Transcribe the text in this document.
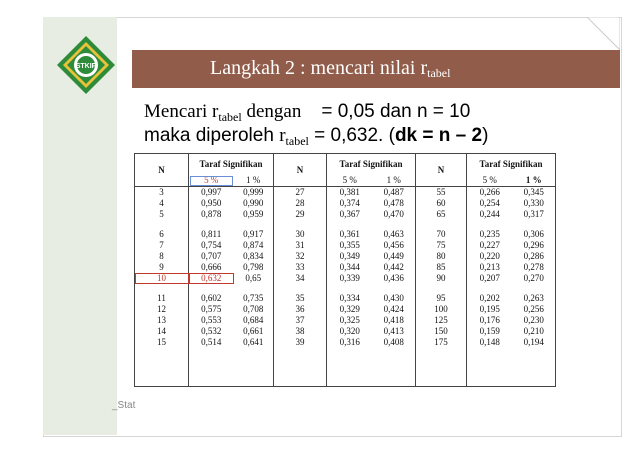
STKIP	Langkah 2 : mencari nilai $r_{tabel}$
Mencari $r_{tabel}$ dengan = 0,05 dan n = 10
maka diperoleh $r_{tabel} = 0,632$. (dk = n – 2)
N	Taraf Signifikan		N	Taraf Signifikan		N	Taraf Signifikan	
	5 %	1 %		5 %	1 %		5 %	1 %
3	0,997	0,999	27	0,381	0,487	55	0,266	0,345
4	0,950	0,990	28	0,374	0,478	60	0,254	0,330
5	0,878	0,959	29	0,367	0,470	65	0,244	0,317

6	0,811	0,917	30	0,361	0,463	70	0,235	0,306
7	0,754	0,874	31	0,355	0,456	75	0,227	0,296
8	0,707	0,834	32	0,349	0,449	80	0,220	0,286
9	0,666	0,798	33	0,344	0,442	85	0,213	0,278
10	0,632	0,65	34	0,339	0,436	90	0,207	0,270

11	0,602	0,735	35	0,334	0,430	95	0,202	0,263
12	0,575	0,708	36	0,329	0,424	100	0,195	0,256
13	0,553	0,684	37	0,325	0,418	125	0,176	0,230
14	0,532	0,661	38	0,320	0,413	150	0,159	0,210
15	0,514	0,641	39	0,316	0,408	175	0,148	0,194
_Stat
